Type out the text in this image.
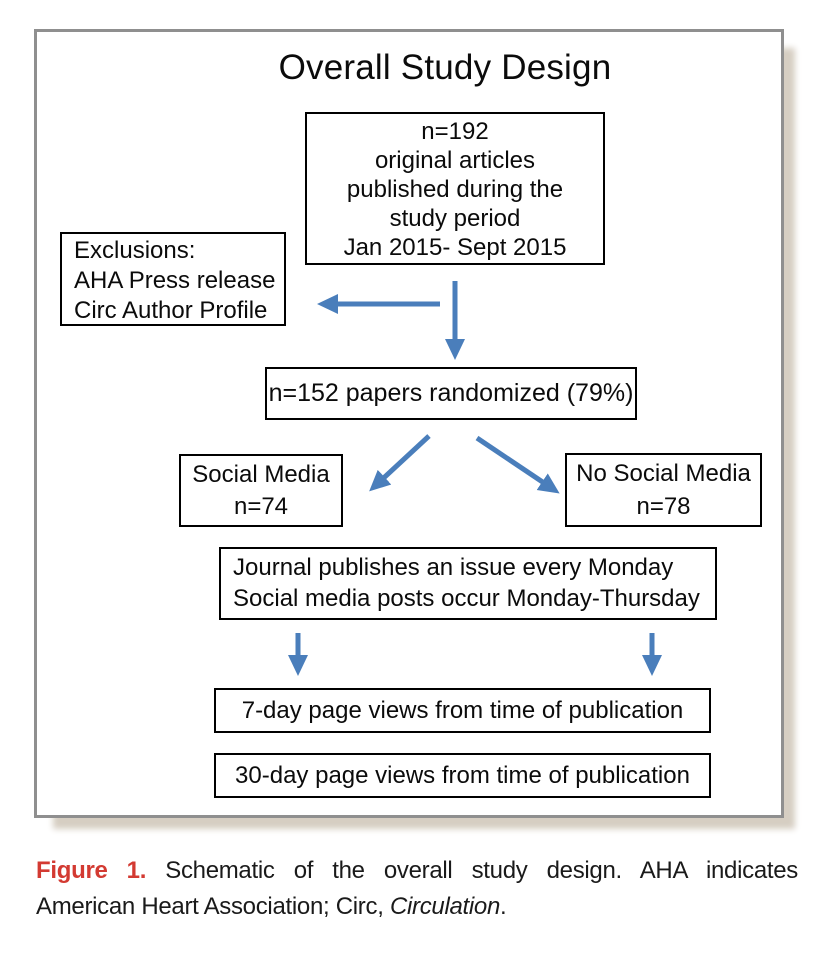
Overall Study Design
n=192
original articles
published during the
study period
Jan 2015- Sept 2015
Exclusions:
AHA Press release
Circ Author Profile
n=152 papers randomized (79%)
Social Media
n=74
No Social Media
n=78
Journal publishes an issue every Monday
Social media posts occur Monday-Thursday
7-day page views from time of publication
30-day page views from time of publication
Figure 1. Schematic of the overall study design. AHA indicates
American Heart Association; Circ, Circulation.
